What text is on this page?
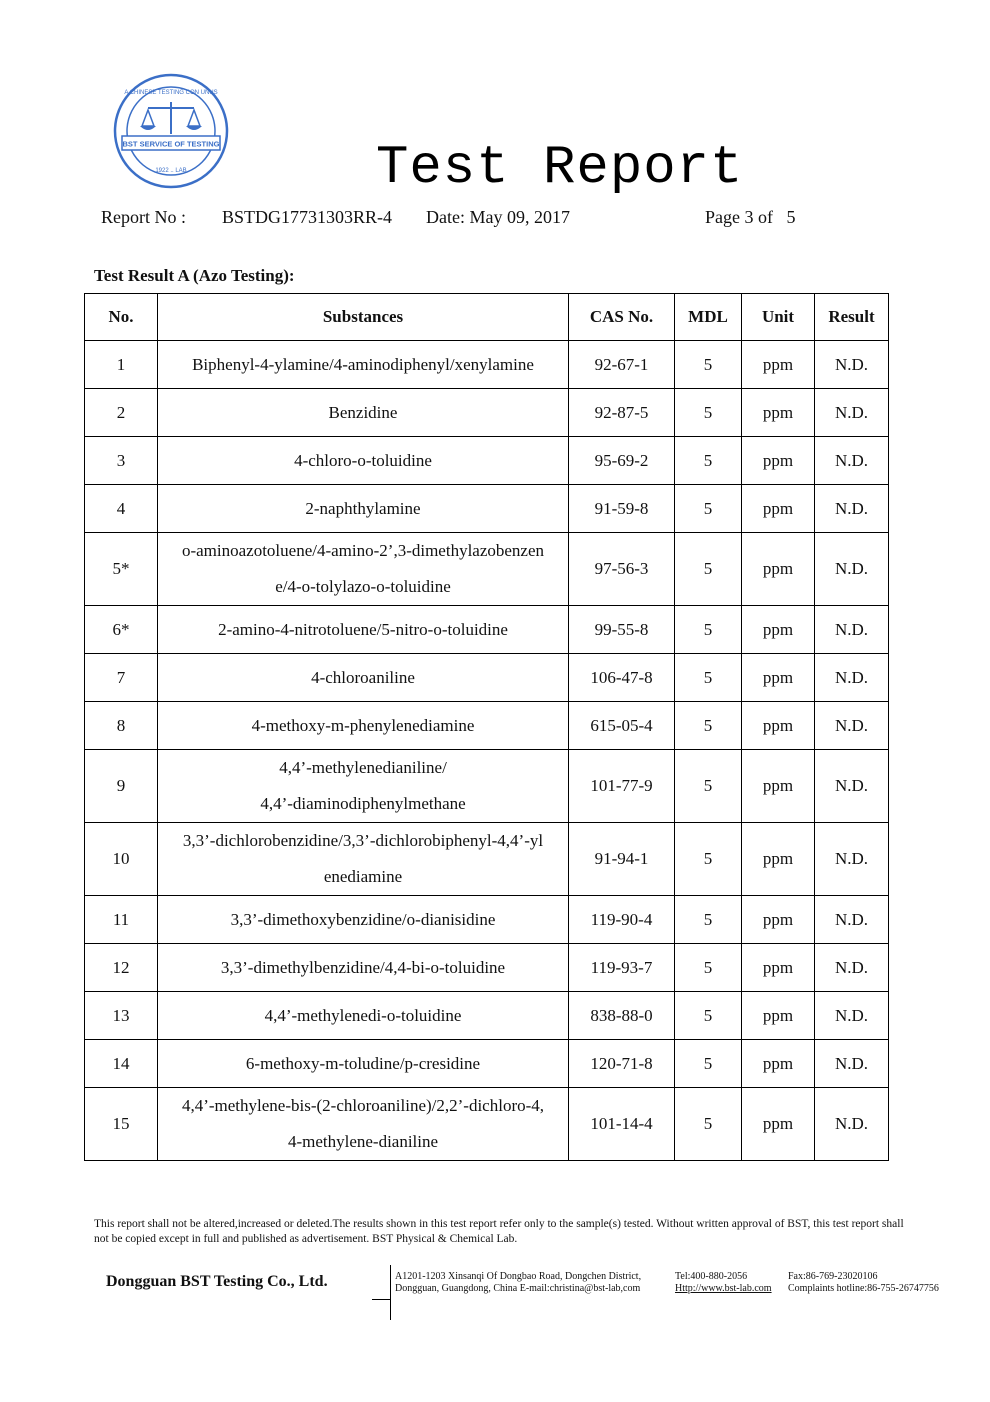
BST SERVICE OF TESTING
A CHINESE TESTING CON UNUS
1922 .. LAB	Test Report
Report No : BSTDG17731303RR-4 Date: May 09, 2017	Page 3 of   5
Test Result A (Azo Testing):
No.	Substances	CAS No.	MDL	Unit	Result
1	Biphenyl-4-ylamine/4-aminodiphenyl/xenylamine	92-67-1	5	ppm	N.D.
2	Benzidine	92-87-5	5	ppm	N.D.
3	4-chloro-o-toluidine	95-69-2	5	ppm	N.D.
4	2-naphthylamine	91-59-8	5	ppm	N.D.
5*	o-aminoazotoluene/4-amino-2’,3-dimethylazobenzen
e/4-o-tolylazo-o-toluidine	97-56-3	5	ppm	N.D.
6*	2-amino-4-nitrotoluene/5-nitro-o-toluidine	99-55-8	5	ppm	N.D.
7	4-chloroaniline	106-47-8	5	ppm	N.D.
8	4-methoxy-m-phenylenediamine	615-05-4	5	ppm	N.D.
9	4,4’-methylenedianiline/
4,4’-diaminodiphenylmethane	101-77-9	5	ppm	N.D.
10	3,3’-dichlorobenzidine/3,3’-dichlorobiphenyl-4,4’-yl
enediamine	91-94-1	5	ppm	N.D.
11	3,3’-dimethoxybenzidine/o-dianisidine	119-90-4	5	ppm	N.D.
12	3,3’-dimethylbenzidine/4,4-bi-o-toluidine	119-93-7	5	ppm	N.D.
13	4,4’-methylenedi-o-toluidine	838-88-0	5	ppm	N.D.
14	6-methoxy-m-toludine/p-cresidine	120-71-8	5	ppm	N.D.
15	4,4’-methylene-bis-(2-chloroaniline)/2,2’-dichloro-4,
4-methylene-dianiline	101-14-4	5	ppm	N.D.
This report shall not be altered,increased or deleted.The results shown in this test report refer only to the sample(s) tested. Without written approval of BST, this test report shall not be copied except in full and published as advertisement. BST Physical & Chemical Lab.
Dongguan BST Testing Co., Ltd.	A1201-1203 Xinsanqi Of Dongbao Road, Dongchen District,
Dongguan, Guangdong, China E-mail:christina@bst-lab,com
Tel:400-880-2056
Http://www.bst-lab.com
Fax:86-769-23020106
Complaints hotline:86-755-26747756
